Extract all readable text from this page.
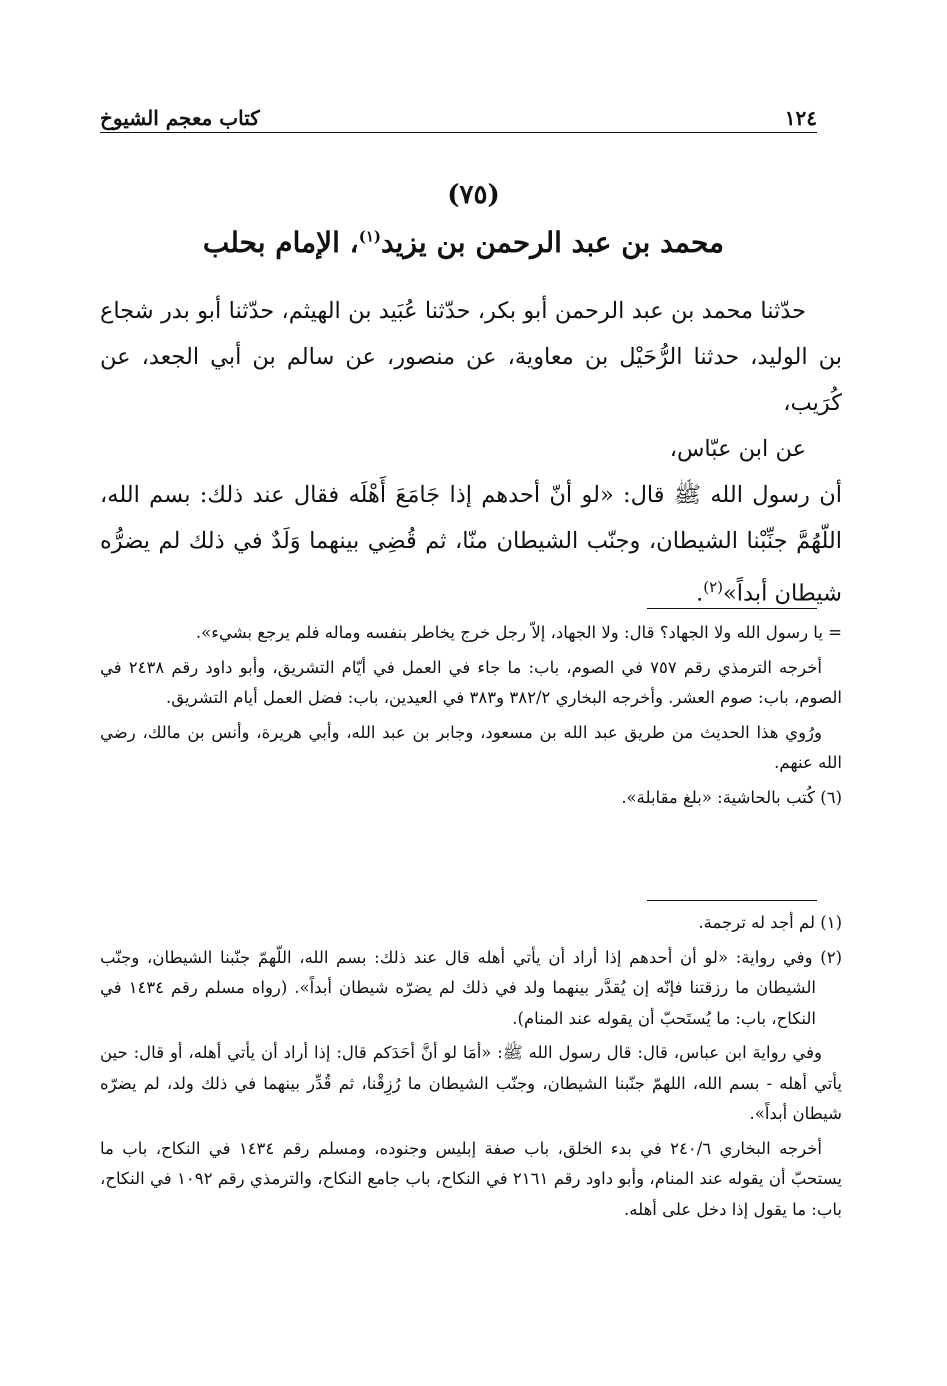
١٢٤
كتاب معجم الشيوخ
(٧٥)
محمد بن عبد الرحمن بن يزيد$^{(١)}$، الإمام بحلب

حدّثنا محمد بن عبد الرحمن أبو بكر، حدّثنا عُبَيد بن الهيثم، حدّثنا أبو بدر شجاع بن الوليد، حدثنا الرُّحَيْل بن معاوية، عن منصور، عن سالم بن أبي الجعد، عن كُرَيب،

عن ابن عبّاس،

أن رسول الله ﷺ قال: «لو أنّ أحدهم إذا جَامَعَ أَهْلَه فقال عند ذلك: بسم الله، اللّهُمَّ جنِّبْنا الشيطان، وجنّب الشيطان منّا، ثم قُضِي بينهما وَلَدٌ في ذلك لم يضرُّه شيطان أبداً»$^{(٢)}$.

= يا رسول الله ولا الجهاد؟ قال: ولا الجهاد، إلاّ رجل خرج يخاطر بنفسه وماله فلم يرجع بشيء».

أخرجه الترمذي رقم ٧٥٧ في الصوم، باب: ما جاء في العمل في أيّام التشريق، وأبو داود رقم ٢٤٣٨ في الصوم، باب: صوم العشر. وأخرجه البخاري ٣٨٢/٢ و٣٨٣ في العيدين، باب: فضل العمل أيام التشريق.

ورُوي هذا الحديث من طريق عبد الله بن مسعود، وجابر بن عبد الله، وأبي هريرة، وأنس بن مالك، رضي الله عنهم.

(٦) كُتب بالحاشية: «بلغ مقابلة».

(١) لم أجد له ترجمة.

(٢) وفي رواية: «لو أن أحدهم إذا أراد أن يأتي أهله قال عند ذلك: بسم الله، اللّهمّ جنّبنا الشيطان، وجنّب الشيطان ما رزقتنا فإنّه إن يُقدَّر بينهما ولد في ذلك لم يضرّه شيطان أبداً». (رواه مسلم رقم ١٤٣٤ في النكاح، باب: ما يُستَحبّ أن يقوله عند المنام).

وفي رواية ابن عباس، قال: قال رسول الله ﷺ: «أمَا لو أنَّ أحَدَكم قال: إذا أراد أن يأتي أهله، أو قال: حين يأتي أهله - بسم الله، اللهمّ جنّبنا الشيطان، وجنّب الشيطان ما رُزِقْنا، ثم قُدِّر بينهما في ذلك ولد، لم يضرّه شيطان أبداً».

أخرجه البخاري ٢٤٠/٦ في بدء الخلق، باب صفة إبليس وجنوده، ومسلم رقم ١٤٣٤ في النكاح، باب ما يستحبّ أن يقوله عند المنام، وأبو داود رقم ٢١٦١ في النكاح، باب جامع النكاح، والترمذي رقم ١٠٩٢ في النكاح، باب: ما يقول إذا دخل على أهله.
